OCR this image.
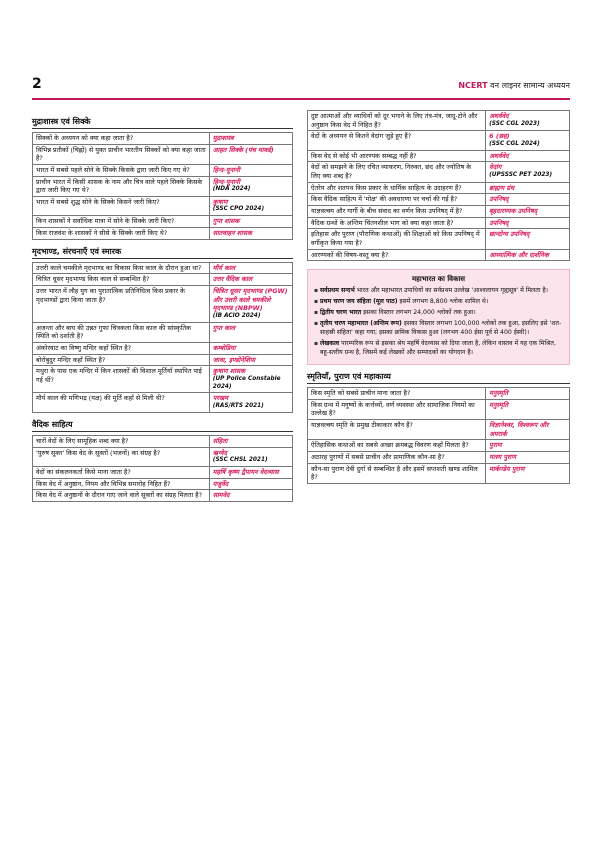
2	NCERT वन लाइनर सामान्य अध्ययन
मुद्राशास्त्र एवं सिक्के
सिक्कों के अध्ययन को क्या कहा जाता है?	मुद्राशास्त्र
विभिन्न प्रतीकों (चिह्नों) से युक्त प्राचीन भारतीय सिक्कों को क्या कहा जाता है?	आहत सिक्के (पंच मार्क्ड)
भारत में सबसे पहले सोने के सिक्के किसके द्वारा जारी किए गए थे?	हिन्द-यूनानी
प्राचीन भारत में किसी शासक के नाम और चित्र वाले पहले सिक्के किसके द्वारा जारी किए गए थे?	हिन्द-यूनानी
(NDA 2024)

भारत में सबसे शुद्ध सोने के सिक्के किसने जारी किए?	कुषाण
(SSC CPO 2024)

किन शासकों ने सर्वाधिक मात्रा में सोने के सिक्के जारी किए?	गुप्त शासक
किस राजवंश के शासकों ने सीसे के सिक्के जारी किए थे?	सातवाहन शासक
मृदभाण्ड, संरचनाएँ एवं स्मारक
उत्तरी काले चमकीले मृदभाण्ड का विकास किस काल के दौरान हुआ था?	मौर्य काल
चित्रित धूसर मृदभाण्ड किस काल से सम्बन्धित है?	उत्तर वैदिक काल
उत्तर भारत में लौह युग का पुरातात्विक प्रतिनिधित्व किस प्रकार के मृदभाण्डों द्वारा किया जाता है?	चित्रित धूसर मृदभाण्ड (PGW) और उत्तरी काले चमकीले मृदभाण्ड (NBPW)
(IB ACIO 2024)

अजन्ता और बाघ की उन्नत गुफा चित्रकला किस काल की सांस्कृतिक स्थिति को दर्शाती है?	गुप्त काल
अंकोरवाट का विष्णु मन्दिर कहाँ स्थित है?	कम्बोडिया
बोरोबुदुर मन्दिर कहाँ स्थित है?	जावा, इण्डोनेशिया
मथुरा के पास एक मन्दिर में किन शासकों की विशाल मूर्तियाँ स्थापित पाई गई थीं?	कुषाण शासक
(UP Police Constable 2024)

मौर्य काल की मणिभद्र (यक्ष) की मूर्ति कहाँ से मिली थी?	परखम
(RAS/RTS 2021)
वैदिक साहित्य
चारों वेदों के लिए सामूहिक शब्द क्या है?	संहिता
'पुरुष सूक्त' किस वेद के सूक्तों (भजनों) का संग्रह है?	ऋग्वेद
(SSC CHSL 2021)

वेदों का संकलनकर्ता किसे माना जाता है?	महर्षि कृष्ण द्वैपायन वेदव्यास
किस वेद में अनुष्ठान, नियम और विभिन्न समारोह निहित हैं?	यजुर्वेद
किस वेद में अनुष्ठानों के दौरान गाए जाने वाले सूक्तों का संग्रह मिलता है?	सामवेद
दुष्ट आत्माओं और व्याधियों को दूर भगाने के लिए तंत्र-मंत्र, जादू-टोने और अनुष्ठान किस वेद में निहित हैं?	अथर्ववेद
(SSC CGL 2023)

वेदों के अध्ययन से कितने वेदांग जुड़े हुए हैं?	6 (छह)
(SSC CGL 2024)

किस वेद से कोई भी आरण्यक सम्बद्ध नहीं है?	अथर्ववेद
वेदों को समझने के लिए रचित व्याकरण, निरुक्त, छंद और ज्योतिष के लिए क्या शब्द है?	वेदांग
(UPSSSC PET 2023)

ऐतरेय और शतपथ किस प्रकार के धार्मिक साहित्य के उदाहरण हैं?	ब्राह्मण ग्रंथ
किस वैदिक साहित्य में 'मोक्ष' की अवधारणा पर चर्चा की गई है?	उपनिषद्
याज्ञवल्क्य और गार्गी के बीच संवाद का वर्णन किस उपनिषद् में है?	बृहदारण्यक उपनिषद्
वैदिक ग्रन्थों के अन्तिम चिंतनशील भाग को क्या कहा जाता है?	उपनिषद्
इतिहास और पुराण (पौराणिक कथाओं) की शिक्षाओं को किस उपनिषद् में वर्गीकृत किया गया है?	छान्दोग्य उपनिषद्
आरण्यकों की विषय-वस्तु क्या है?	आध्यात्मिक और दार्शनिक
महाभारत का विकास
▪ सर्वप्रथम सन्दर्भ भारत और महाभारत उपाधियों का सर्वप्रथम उल्लेख 'आश्वलायन गृह्यसूत्र' में मिलता है।
▪ प्रथम चरण जय संहिता (मूल पाठ) इसमें लगभग 8,800 श्लोक शामिल थे।
▪ द्वितीय चरण भारत इसका विस्तार लगभग 24,000 श्लोकों तक हुआ।
▪ तृतीय चरण महाभारत (अन्तिम रूप) इसका विस्तार लगभग 100,000 श्लोकों तक हुआ, इसलिए इसे 'शत-साहस्री संहिता' कहा गया; इसका क्रमिक विकास हुआ (लगभग 400 ईसा पूर्व से 400 ईस्वी)।
▪ लेखकत्व पारम्परिक रूप से इसका श्रेय महर्षि वेदव्यास को दिया जाता है, लेकिन वास्तव में यह एक मिश्रित, बहु-स्तरीय ग्रन्थ है, जिसमें कई लेखकों और सम्पादकों का योगदान है।
स्मृतियाँ, पुराण एवं महाकाव्य
किस स्मृति को सबसे प्राचीन माना जाता है?	मनुस्मृति
किस ग्रन्थ में मनुष्यों के कर्त्तव्यों, वर्ण व्यवस्था और सामाजिक नियमों का उल्लेख है?	मनुस्मृति
याज्ञवल्क्य स्मृति के प्रमुख टीकाकार कौन हैं?	विज्ञानेश्वर, विश्वरूप और अपरार्क
ऐतिहासिक कथाओं का सबसे अच्छा क्रमबद्ध विवरण कहाँ मिलता है?	पुराण
अठारह पुराणों में सबसे प्राचीन और प्रामाणिक कौन-सा है?	मत्स्य पुराण
कौन-सा पुराण देवी दुर्गा से सम्बन्धित है और इसमें सप्तशती खण्ड शामिल है?	मार्कण्डेय पुराण
